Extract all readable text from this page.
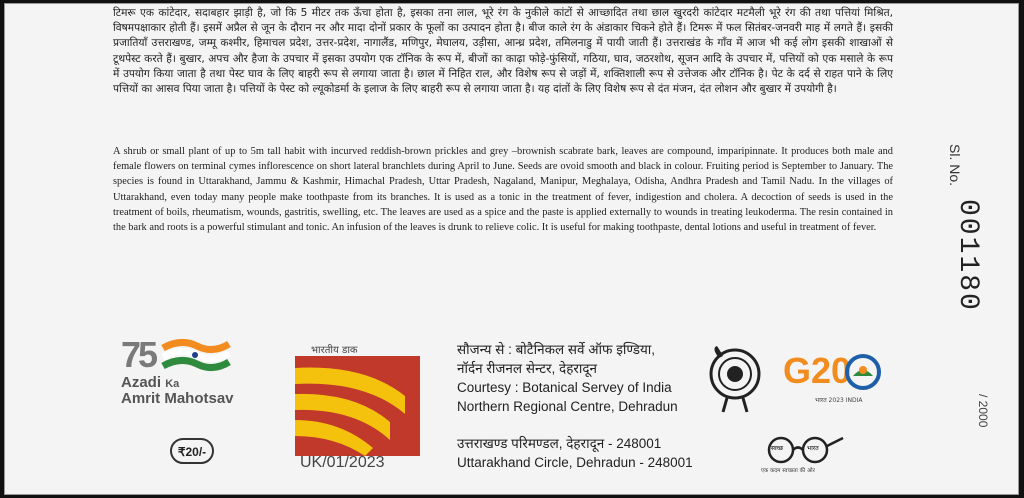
टिमरू एक कांटेदार, सदाबहार झाड़ी है, जो कि 5 मीटर तक ऊँचा होता है, इसका तना लाल, भूरे रंग के नुकीले कांटों से आच्छादित तथा छाल खुरदरी कांटेदार मटमैली भूरे रंग की तथा पत्तियां मिश्रित, विषमपक्षाकार होती हैं। इसमें अप्रैल से जून के दौरान नर और मादा दोनों प्रकार के फूलों का उत्पादन होता है। बीज काले रंग के अंडाकार चिकने होते हैं। टिमरू में फल सितंबर-जनवरी माह में लगते हैं। इसकी प्रजातियाँ उत्तराखण्ड, जम्मू कश्मीर, हिमाचल प्रदेश, उत्तर-प्रदेश, नागालैंड, मणिपुर, मेघालय, उड़ीसा, आन्ध्र प्रदेश, तमिलनाडु में पायी जाती हैं। उत्तराखंड के गाँव में आज भी कई लोग इसकी शाखाओं से टूथपेस्ट करते हैं। बुखार, अपच और हैजा के उपचार में इसका उपयोग एक टॉनिक के रूप में, बीजों का काढ़ा फोड़े-फुंसियों, गठिया, घाव, जठरशोथ, सूजन आदि के उपचार में, पत्तियों को एक मसाले के रूप में उपयोग किया जाता है तथा पेस्ट घाव के लिए बाहरी रूप से लगाया जाता है। छाल में निहित राल, और विशेष रूप से जड़ों में, शक्तिशाली रूप से उत्तेजक और टॉनिक है। पेट के दर्द से राहत पाने के लिए पत्तियों का आसव पिया जाता है। पत्तियों के पेस्ट को ल्यूकोडर्मा के इलाज के लिए बाहरी रूप से लगाया जाता है। यह दांतों के लिए विशेष रूप से दंत मंजन, दंत लोशन और बुखार में उपयोगी है।
A shrub or small plant of up to 5m tall habit with incurved reddish-brown prickles and grey –brownish scabrate bark, leaves are compound, imparipinnate. It produces both male and female flowers on terminal cymes inflorescence on short lateral branchlets during April to June. Seeds are ovoid smooth and black in colour. Fruiting period is September to January. The species is found in Uttarakhand, Jammu & Kashmir, Himachal Pradesh, Uttar Pradesh, Nagaland, Manipur, Meghalaya, Odisha, Andhra Pradesh and Tamil Nadu. In the villages of Uttarakhand, even today many people make toothpaste from its branches. It is used as a tonic in the treatment of fever, indigestion and cholera. A decoction of seeds is used in the treatment of boils, rheumatism, wounds, gastritis, swelling, etc. The leaves are used as a spice and the paste is applied externally to wounds in treating leukoderma. The resin contained in the bark and roots is a powerful stimulant and tonic. An infusion of the leaves is drunk to relieve colic. It is useful for making toothpaste, dental lotions and useful in treatment of fever.
Sl. No.
001180
/ 2000
75
Azadi Ka
Amrit Mahotsav
₹20/-
भारतीय डाक
UK/01/2023
सौजन्य से : बोटैनिकल सर्वे ऑफ इण्डिया,
नॉर्दन रीजनल सेन्टर, देहरादून
Courtesy : Botanical Servey of India
Northern Regional Centre, Dehradun
उत्तराखण्ड परिमण्डल, देहरादून - 248001
Uttarakhand Circle, Dehradun - 248001
G20
भारत 2023 INDIA
स्वच्छ	भारत
एक कदम स्वच्छता की ओर
